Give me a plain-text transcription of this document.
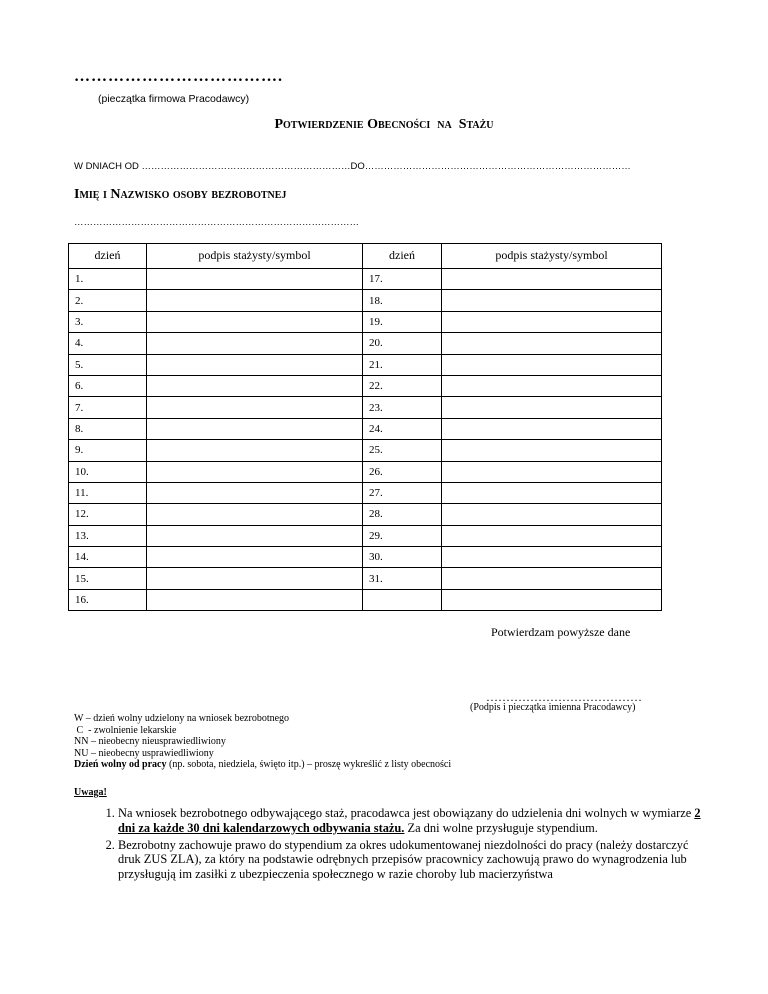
……………………………….
(pieczątka firmowa Pracodawcy)
Potwierdzenie Obecności na Stażu
W DNIACH OD …………………………………………………………DO…………………………………………………………………………
Imię i Nazwisko osoby bezrobotnej
………………………………………………………………………………
dzień	podpis stażysty/symbol	dzień	podpis stażysty/symbol
1.		17.	
2.		18.	
3.		19.	
4.		20.	
5.		21.	
6.		22.	
7.		23.	
8.		24.	
9.		25.	
10.		26.	
11.		27.	
12.		28.	
13.		29.	
14.		30.	
15.		31.	
16.			
Potwierdzam powyższe dane
…………………………………
(Podpis i pieczątka imienna Pracodawcy)
W – dzień wolny udzielony na wniosek bezrobotnego
C  - zwolnienie lekarskie
NN – nieobecny nieusprawiedliwiony
NU – nieobecny usprawiedliwiony
Dzień wolny od pracy (np. sobota, niedziela, święto itp.) – proszę wykreślić z listy obecności
Uwaga!
1. Na wniosek bezrobotnego odbywającego staż, pracodawca jest obowiązany do udzielenia dni wolnych w wymiarze 2 dni za każde 30 dni kalendarzowych odbywania stażu. Za dni wolne przysługuje stypendium.
2. Bezrobotny zachowuje prawo do stypendium za okres udokumentowanej niezdolności do pracy (należy dostarczyć druk ZUS ZLA), za który na podstawie odrębnych przepisów pracownicy zachowują prawo do wynagrodzenia lub przysługują im zasiłki z ubezpieczenia społecznego w razie choroby lub macierzyństwa
